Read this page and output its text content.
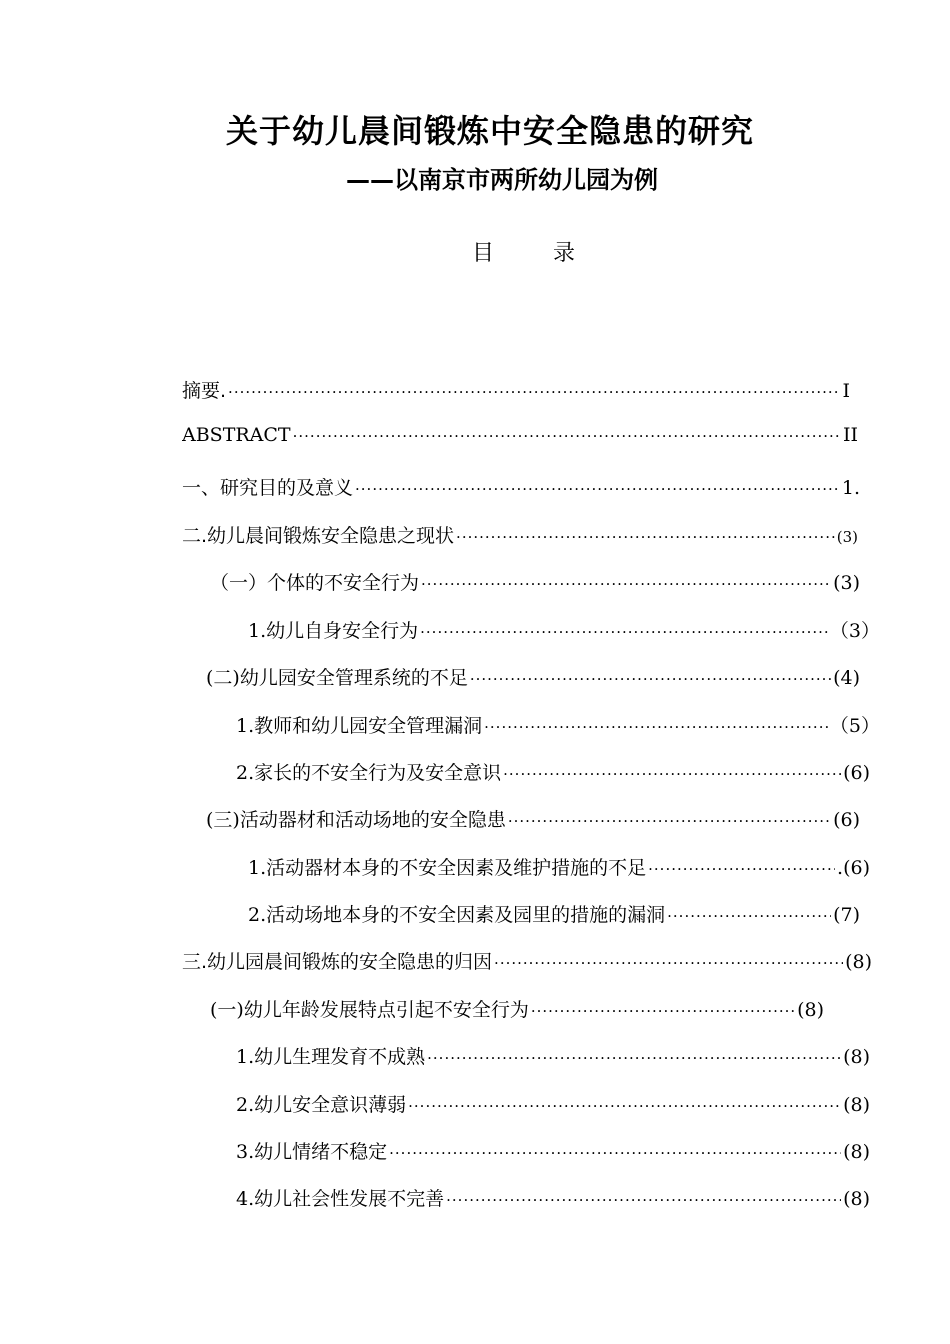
关于幼儿晨间锻炼中安全隐患的研究
——以南京市两所幼儿园为例
目 录
摘要. ·····	I
ABSTRACT ·····	II
一、研究目的及意义 ·····	1.
二.幼儿晨间锻炼安全隐患之现状 ·····	(3)
（一）个体的不安全行为 ·····	(3)
1.幼儿自身安全行为 ·····	（3）
(二)幼儿园安全管理系统的不足 ·····	(4)
1.教师和幼儿园安全管理漏洞 ·····	（5）
2.家长的不安全行为及安全意识 ·····	(6)
(三)活动器材和活动场地的安全隐患 ·····	(6)
1.活动器材本身的不安全因素及维护措施的不足 ·····	.(6)
2.活动场地本身的不安全因素及园里的措施的漏洞 ·····	(7)
三.幼儿园晨间锻炼的安全隐患的归因 ·····	(8)
(一)幼儿年龄发展特点引起不安全行为 ·····	(8)
1.幼儿生理发育不成熟 ·····	(8)
2.幼儿安全意识薄弱 ·····	(8)
3.幼儿情绪不稳定 ·····	(8)
4.幼儿社会性发展不完善 ·····	(8)
